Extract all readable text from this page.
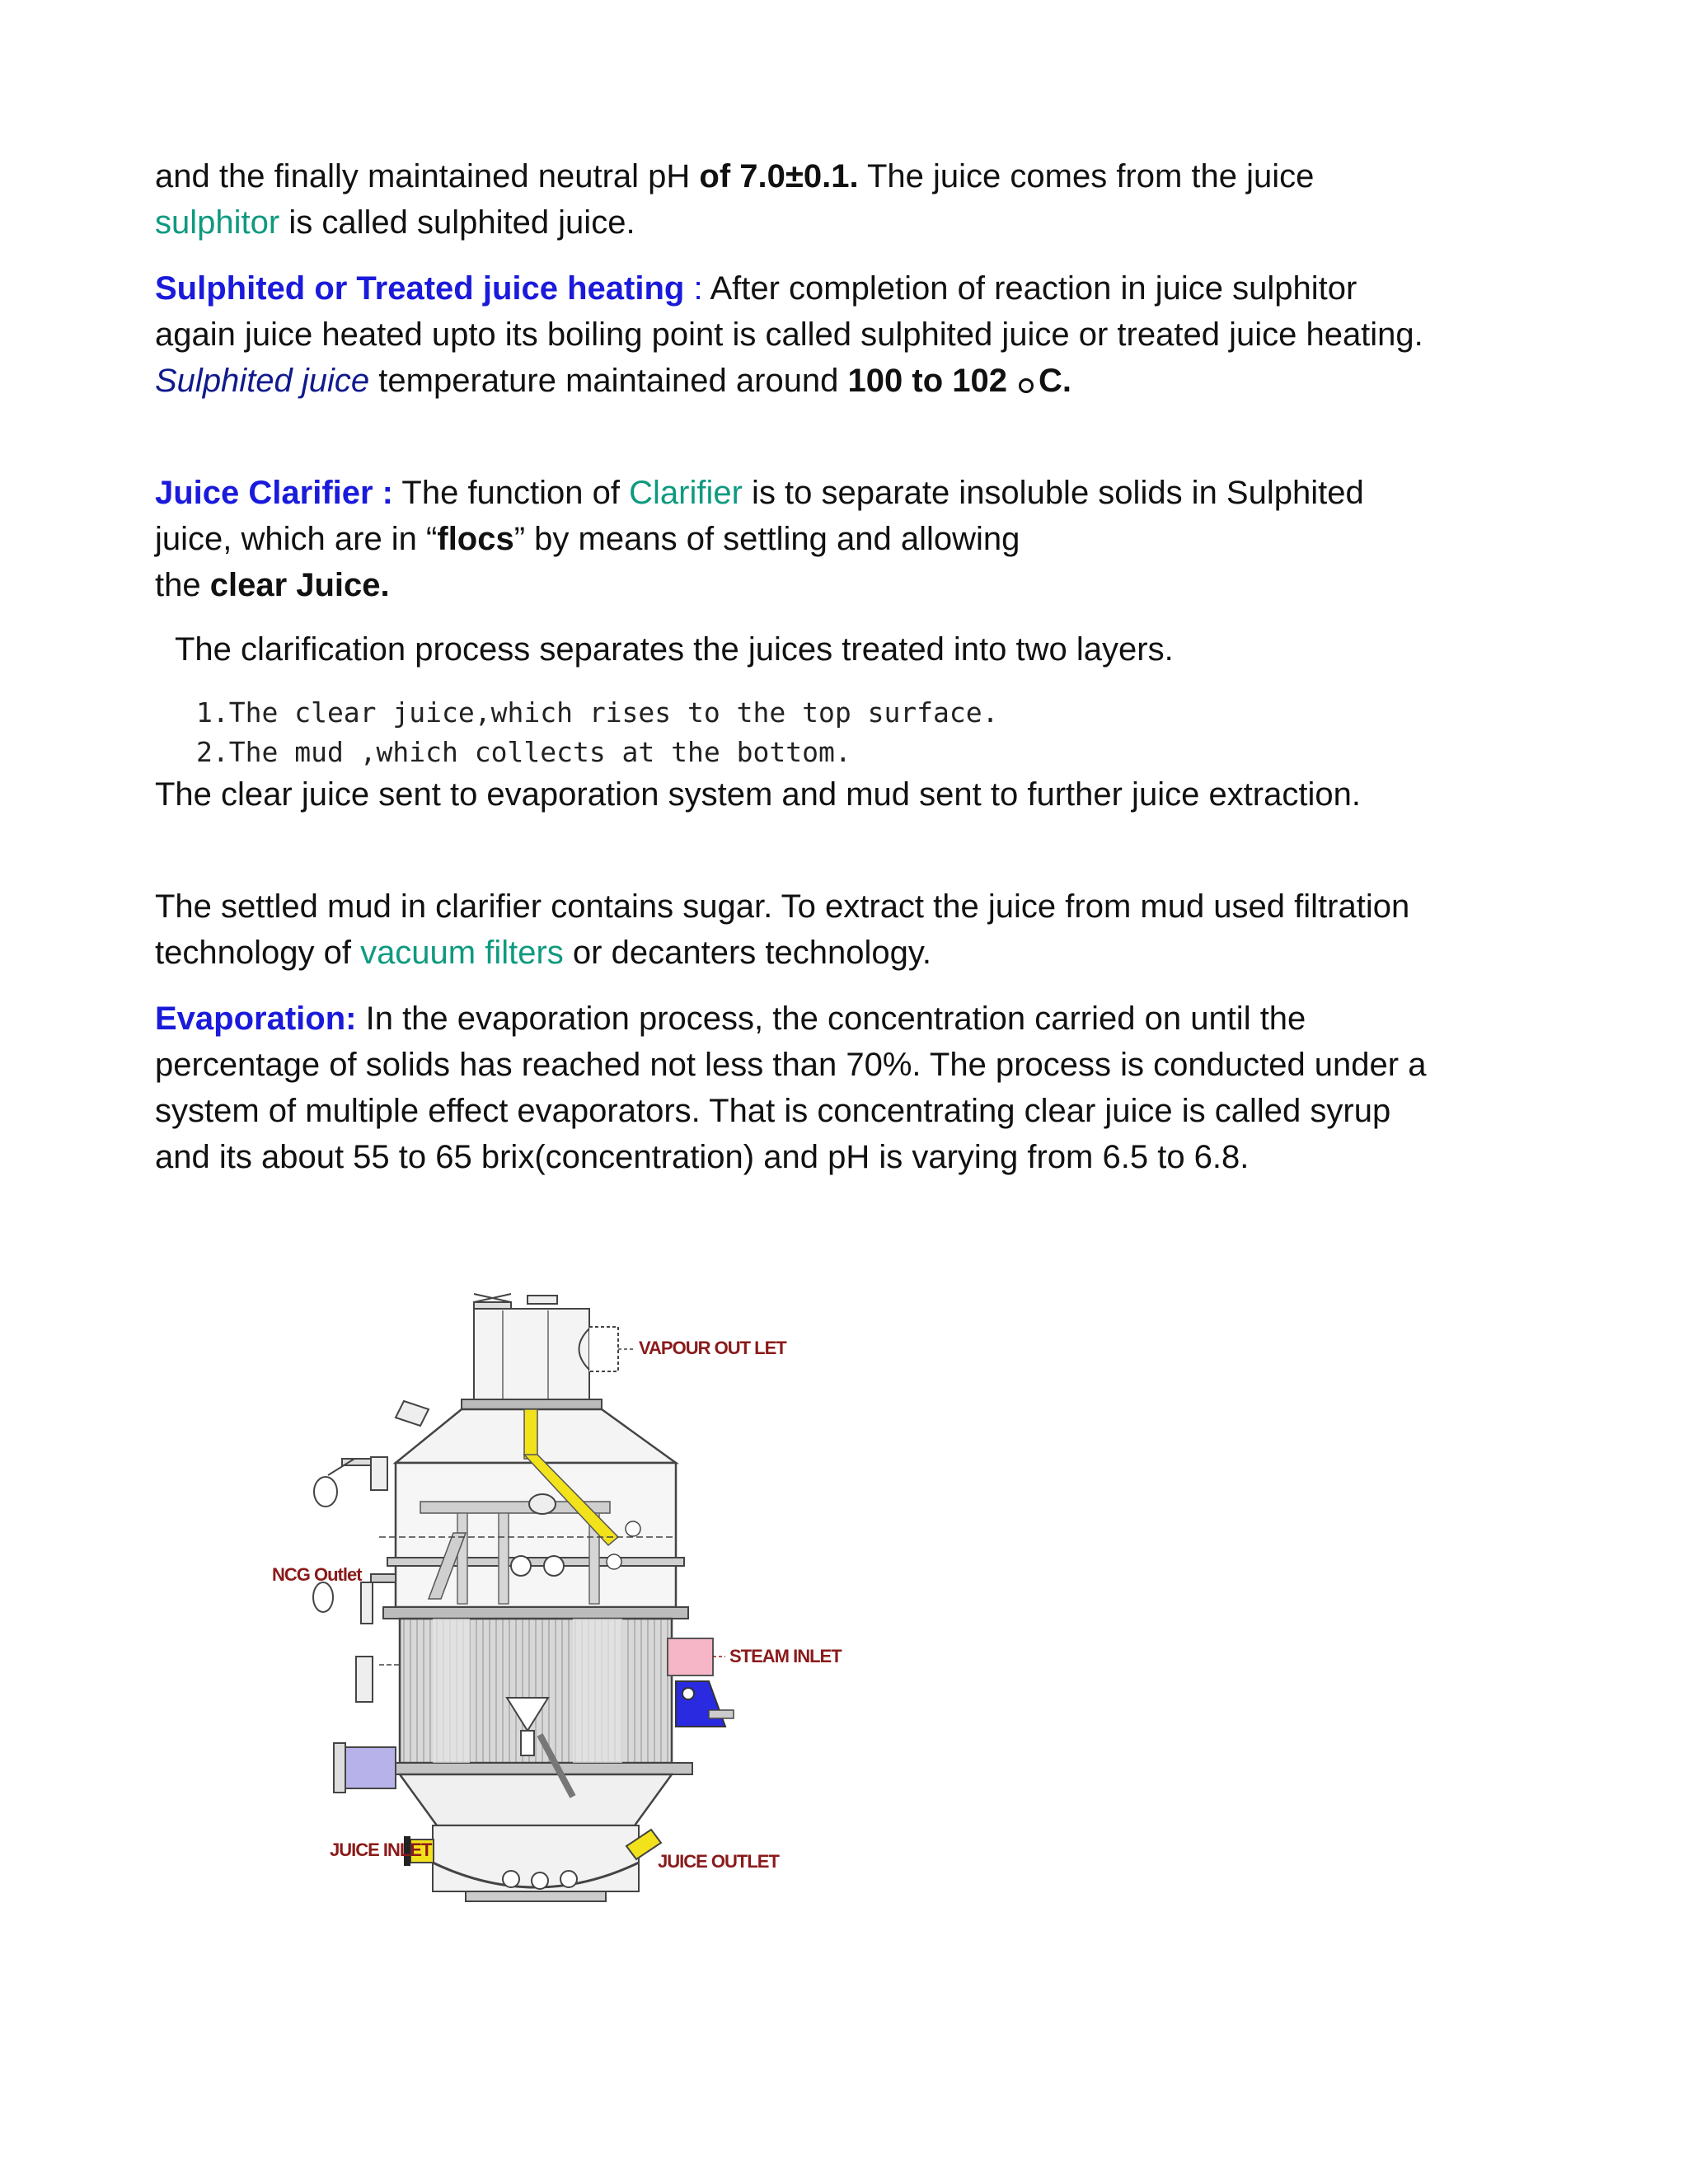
and the finally maintained neutral pH of 7.0±0.1. The juice comes from the juice sulphitor is called sulphited juice.

Sulphited or Treated juice heating : After completion of reaction in juice sulphitor again juice heated upto its boiling point is called sulphited juice or treated juice heating. Sulphited juice temperature maintained around 100 to 102 C.

Juice Clarifier : The function of Clarifier is to separate insoluble solids in Sulphited juice, which are in “flocs” by means of settling and allowing
the clear Juice.

The clarification process separates the juices treated into two layers.

1.The clear juice,which rises to the top surface.

2.The mud ,which collects at the bottom.

The clear juice sent to evaporation system and mud sent to further juice extraction.

The settled mud in clarifier contains sugar. To extract the juice from mud used filtration technology of vacuum filters or decanters technology.

Evaporation: In the evaporation process, the concentration carried on until the percentage of solids has reached not less than 70%. The process is conducted under a system of multiple effect evaporators. That is concentrating clear juice is called syrup and its about 55 to 65 brix(concentration) and pH is varying from 6.5 to 6.8.

VAPOUR OUT LET
NCG Outlet
STEAM INLET
JUICE INLET
JUICE OUTLET
